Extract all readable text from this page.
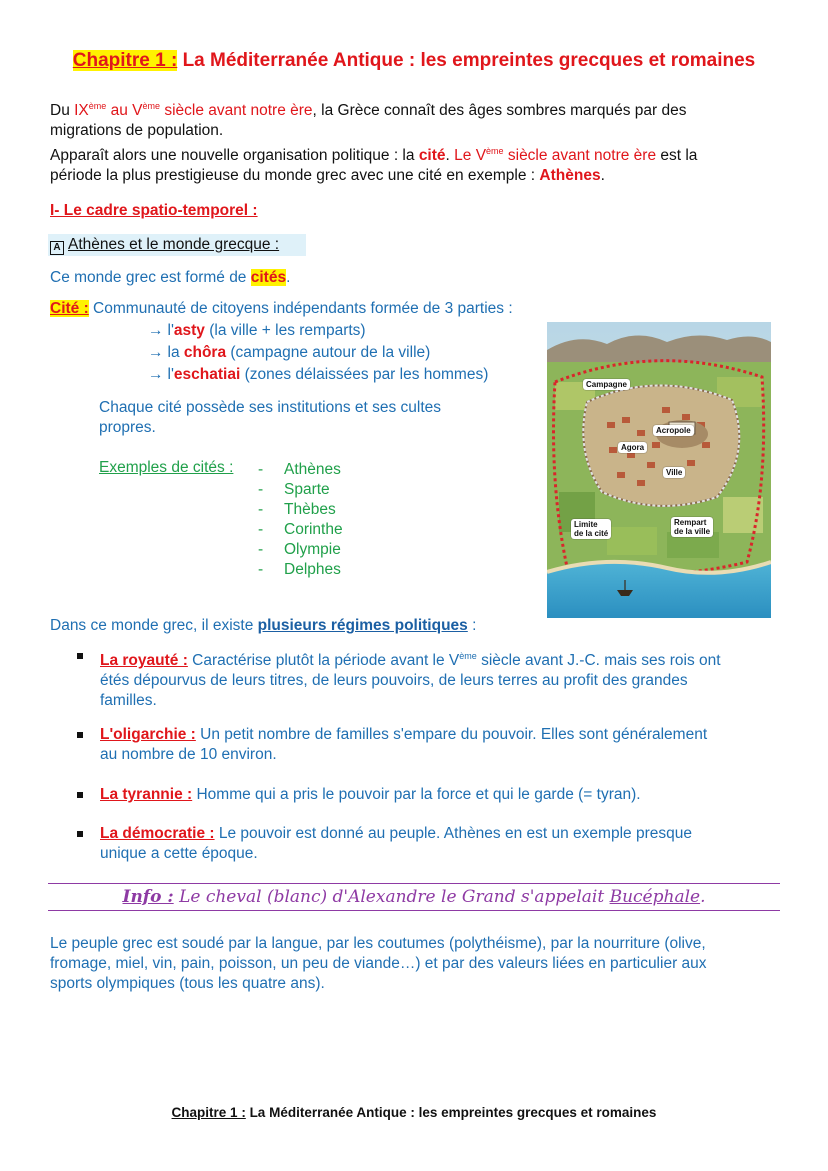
Chapitre 1 : La Méditerranée Antique : les empreintes grecques et romaines
Du IXème au Vème siècle avant notre ère, la Grèce connaît des âges sombres marqués par des
migrations de population.
Apparaît alors une nouvelle organisation politique : la cité. Le Vème siècle avant notre ère est la
période la plus prestigieuse du monde grec avec une cité en exemple : Athènes.
I- Le cadre spatio-temporel :
A Athènes et le monde grecque :
Ce monde grec est formé de cités.
Cité : Communauté de citoyens indépendants formée de 3 parties :
→ l'asty (la ville + les remparts)
→ la chôra (campagne autour de la ville)
→ l'eschatiai (zones délaissées par les hommes)
Chaque cité possède ses institutions et ses cultes
propres.
Exemples de cités : - Athènes
- Sparte
- Thèbes
- Corinthe
- Olympie
- Delphes
Campagne
Acropole
Agora
Ville
Limite
de la cité
Rempart
de la ville
Dans ce monde grec, il existe plusieurs régimes politiques :
La royauté : Caractérise plutôt la période avant le Vème siècle avant J.-C. mais ses rois ont
étés dépourvus de leurs titres, de leurs pouvoirs, de leurs terres au profit des grandes
familles.
L'oligarchie : Un petit nombre de familles s'empare du pouvoir. Elles sont généralement
au nombre de 10 environ.
La tyrannie : Homme qui a pris le pouvoir par la force et qui le garde (= tyran).
La démocratie : Le pouvoir est donné au peuple. Athènes en est un exemple presque
unique a cette époque.
Info : Le cheval (blanc) d'Alexandre le Grand s'appelait Bucéphale.
Le peuple grec est soudé par la langue, par les coutumes (polythéisme), par la nourriture (olive,
fromage, miel, vin, pain, poisson, un peu de viande…) et par des valeurs liées en particulier aux
sports olympiques (tous les quatre ans).
Chapitre 1 : La Méditerranée Antique : les empreintes grecques et romaines
